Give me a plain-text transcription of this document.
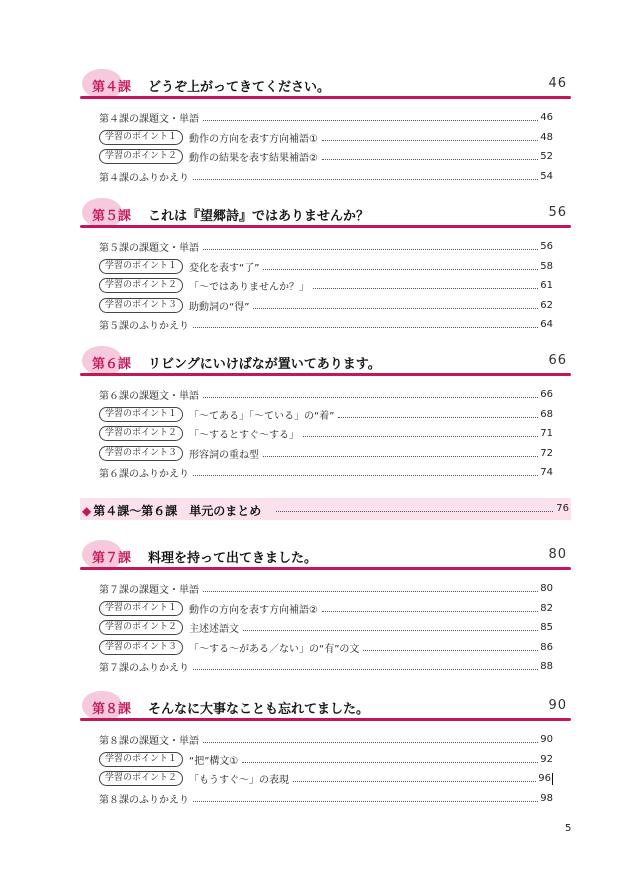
第４課 どうぞ上がってきてください。	46
第４課の課題文・単語	46
学習のポイント１	動作の方向を表す方向補語①	48
学習のポイント２	動作の結果を表す結果補語②	52
第４課のふりかえり	54
第５課 これは『望郷詩』ではありませんか？	56
第５課の課題文・単語	56
学習のポイント１	変化を表す“了”	58
学習のポイント２	「～ではありませんか？」	61
学習のポイント３	助動詞の“得”	62
第５課のふりかえり	64
第６課 リビングにいけばなが置いてあります。	66
第６課の課題文・単語	66
学習のポイント１	「～てある」「～ている」の“着”	68
学習のポイント２	「～するとすぐ～する」	71
学習のポイント３	形容詞の重ね型	72
第６課のふりかえり	74
◆ 第４課～第６課　単元のまとめ	76
第７課 料理を持って出てきました。	80
第７課の課題文・単語	80
学習のポイント１	動作の方向を表す方向補語②	82
学習のポイント２	主述述語文	85
学習のポイント３	「～する～がある／ない」の“有”の文	86
第７課のふりかえり	88
第８課 そんなに大事なことも忘れてました。	90
第８課の課題文・単語	90
学習のポイント１	“把”構文①	92
学習のポイント２	「もうすぐ～」の表現	96
第８課のふりかえり	98
5
